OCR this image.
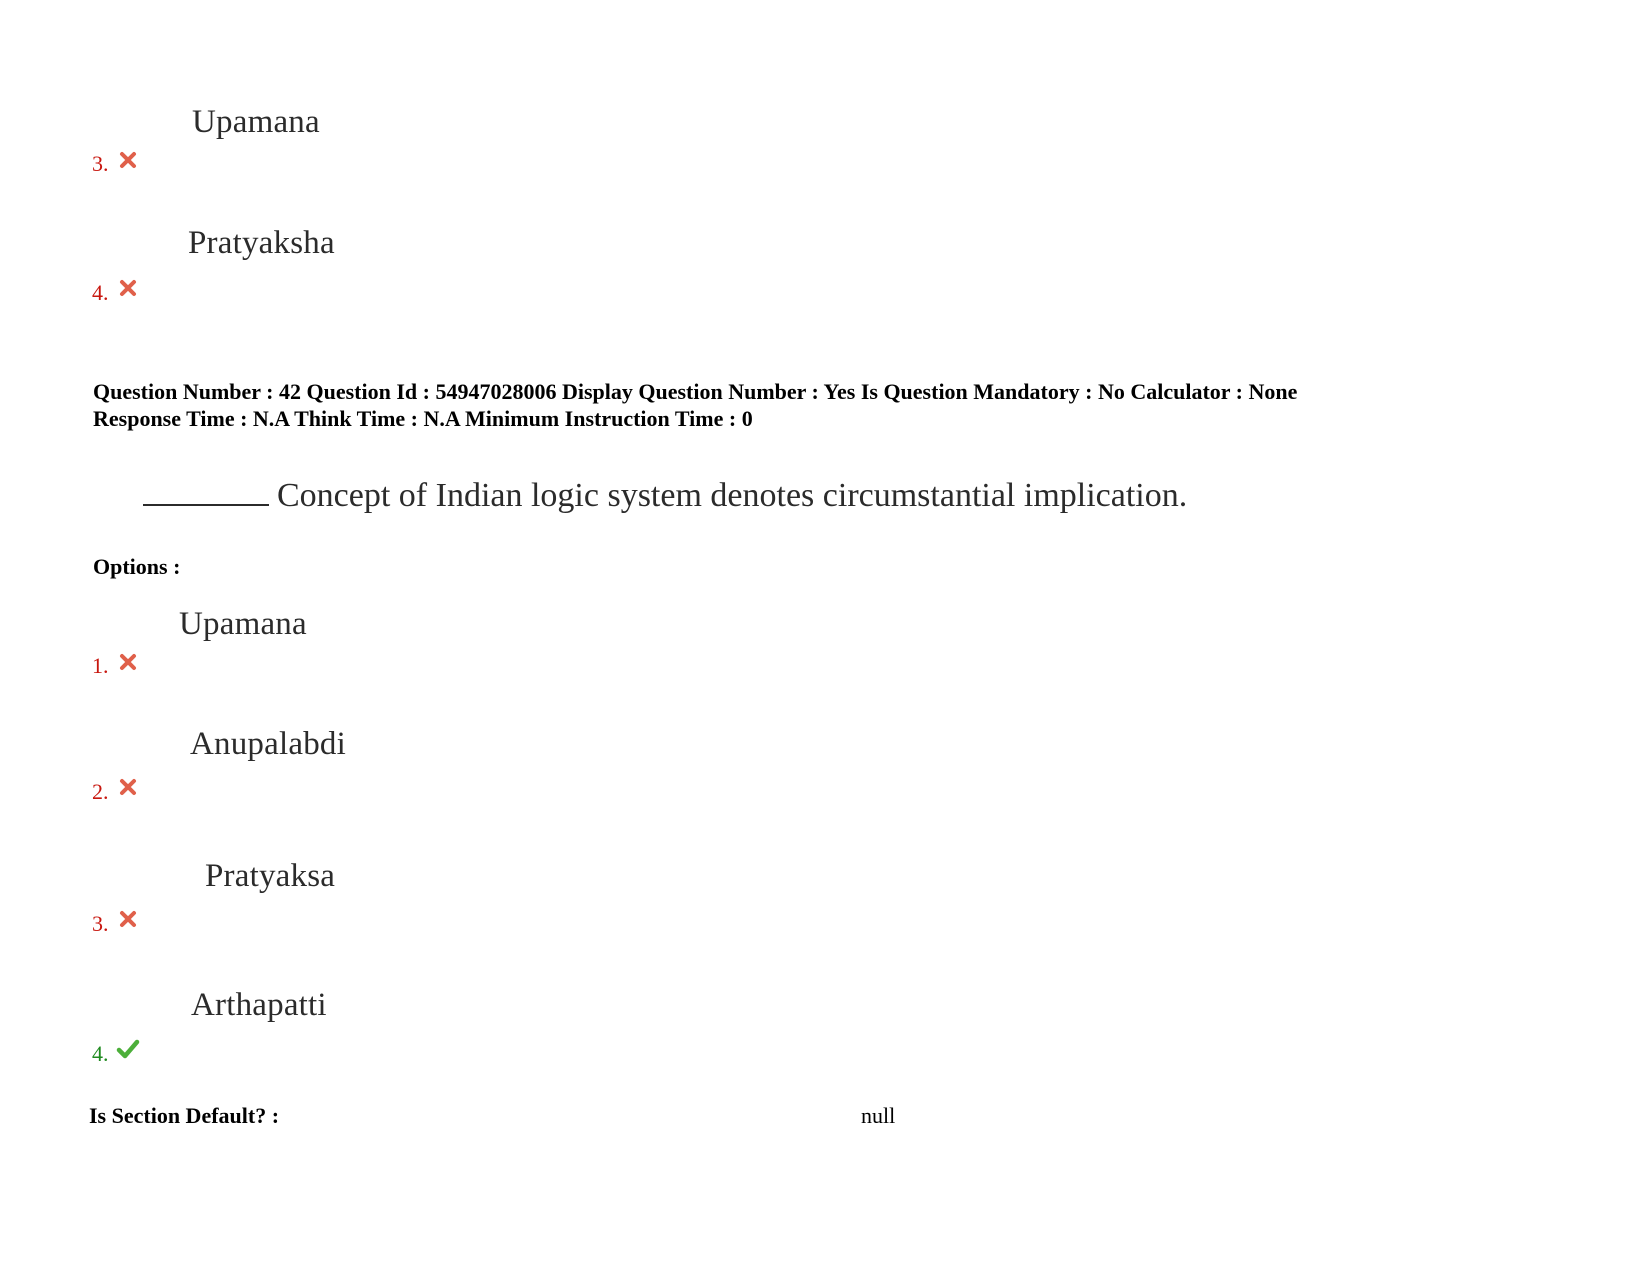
Upamana
3.
Pratyaksha
4.
Question Number : 42 Question Id : 54947028006 Display Question Number : Yes Is Question Mandatory : No Calculator : None
Response Time : N.A Think Time : N.A Minimum Instruction Time : 0
Concept of Indian logic system denotes circumstantial implication.
Options :
Upamana
1.
Anupalabdi
2.
Pratyaksa
3.
Arthapatti
4.
Is Section Default? :	null
